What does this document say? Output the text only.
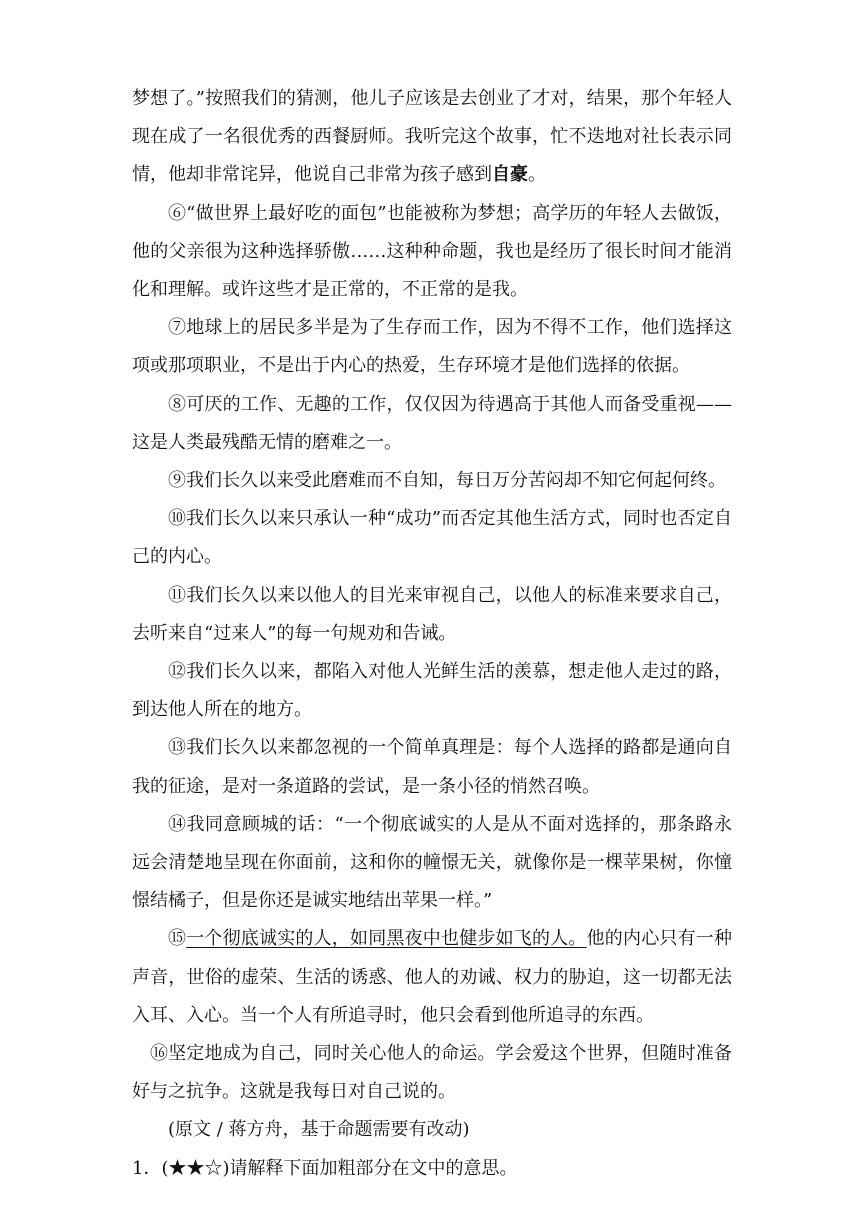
梦想了。”按照我们的猜测，他儿子应该是去创业了才对，结果，那个年轻人现在成了一名很优秀的西餐厨师。我听完这个故事，忙不迭地对社长表示同情，他却非常诧异，他说自己非常为孩子感到自豪。

⑥“做世界上最好吃的面包”也能被称为梦想；高学历的年轻人去做饭，他的父亲很为这种选择骄傲……这种种命题，我也是经历了很长时间才能消化和理解。或许这些才是正常的，不正常的是我。

⑦地球上的居民多半是为了生存而工作，因为不得不工作，他们选择这项或那项职业，不是出于内心的热爱，生存环境才是他们选择的依据。

⑧可厌的工作、无趣的工作，仅仅因为待遇高于其他人而备受重视——这是人类最残酷无情的磨难之一。

⑨我们长久以来受此磨难而不自知，每日万分苦闷却不知它何起何终。

⑩我们长久以来只承认一种“成功”而否定其他生活方式，同时也否定自己的内心。

⑪我们长久以来以他人的目光来审视自己，以他人的标准来要求自己，去听来自“过来人”的每一句规劝和告诫。

⑫我们长久以来，都陷入对他人光鲜生活的羡慕，想走他人走过的路，到达他人所在的地方。

⑬我们长久以来都忽视的一个简单真理是：每个人选择的路都是通向自我的征途，是对一条道路的尝试，是一条小径的悄然召唤。

⑭我同意顾城的话：“一个彻底诚实的人是从不面对选择的，那条路永远会清楚地呈现在你面前，这和你的幢憬无关，就像你是一棵苹果树，你憧憬结橘子，但是你还是诚实地结出苹果一样。”

⑮一个彻底诚实的人，如同黑夜中也健步如飞的人。他的内心只有一种声音，世俗的虚荣、生活的诱惑、他人的劝诫、权力的胁迫，这一切都无法入耳、入心。当一个人有所追寻时，他只会看到他所追寻的东西。

⑯坚定地成为自己，同时关心他人的命运。学会爱这个世界，但随时准备好与之抗争。这就是我每日对自己说的。

(原文 / 蒋方舟，基于命题需要有改动)

1．(★★☆)请解释下面加粗部分在文中的意思。
